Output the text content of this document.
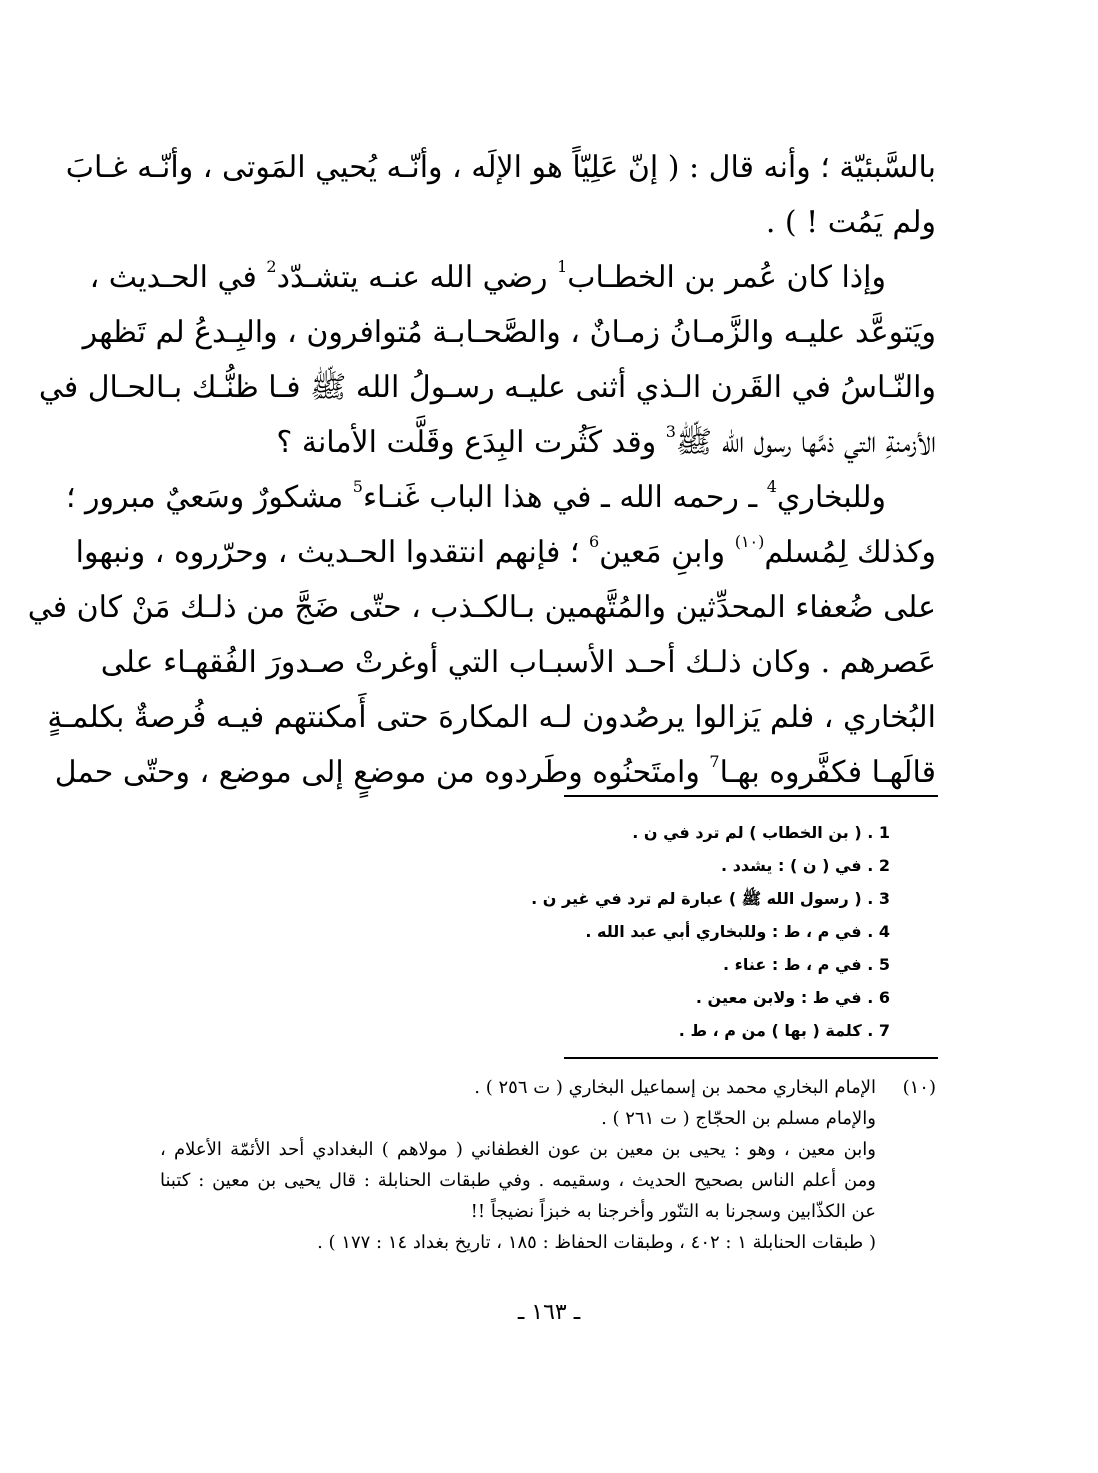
بالسَّبئيّة ؛ وأنه قال : ( إنّ عَلِيّاً هو الإلَه ، وأنّـه يُحيي المَوتى ، وأنّـه غـابَ
ولم يَمُت ! ) .
وإذا كان عُمر بن الخطـاب$^1$ رضي الله عنـه يتشـدّد$^2$ في الحـديث ،
ويَتوعَّد عليـه والزَّمـانُ زمـانٌ ، والصَّحـابـة مُتوافرون ، والبِـدعُ لم تَظهر
والنّـاسُ في القَرن الـذي أثنى عليـه رسـولُ الله ﷺ فـا ظنُّـك بـالحـال في
الأزمنةِ التي ذمَّها رسول الله ﷺ$^3$ وقد كَثُرت البِدَع وقَلَّت الأمانة ؟
وللبخاري$^4$ ـ رحمه الله ـ في هذا الباب غَنـاء$^5$ مشكورٌ وسَعيٌ مبرور ؛
وكذلك لِمُسلم$^{(١٠)}$ وابنِ مَعين$^6$ ؛ فإنهم انتقدوا الحـديث ، وحرّروه ، ونبهوا
على ضُعفاء المحدِّثين والمُتَّهمين بـالكـذب ، حتّى ضَجَّ من ذلـك مَنْ كان في
عَصرهم . وكان ذلـك أحـد الأسبـاب التي أوغرتْ صـدورَ الفُقهـاء على
البُخاري ، فلم يَزالوا يرصُدون لـه المكارهَ حتى أَمكنتهم فيـه فُرصةٌ بكلمـةٍ
قالَهـا فكفَّروه بهـا$^7$ وامتَحنُوه وطَردوه من موضعٍ إلى موضع ، وحتّى حمل
1 . ( بن الخطاب ) لم ترد في ن .
2 . في ( ن ) : يشدد .
3 . ( رسول الله ﷺ ) عبارة لم ترد في غير ن .
4 . في م ، ط : وللبخاري أبي عبد الله .
5 . في م ، ط : عناء .
6 . في ط : ولابن معين .
7 . كلمة ( بها ) من م ، ط .
(١٠)الإمام البخاري محمد بن إسماعيل البخاري ( ت ٢٥٦ ) .
والإمام مسلم بن الحجّاج ( ت ٢٦١ ) .
وابن معين ، وهو : يحيى بن معين بن عون الغطفاني ( مولاهم ) البغدادي أحد الأئمّة الأعلام ،
ومن أعلم الناس بصحيح الحديث ، وسقيمه . وفي طبقات الحنابلة : قال يحيى بن معين : كتبنا
عن الكذّابين وسجرنا به التنّور وأخرجنا به خبزاً نضيجاً !!
( طبقات الحنابلة ١ : ٤٠٢ ، وطبقات الحفاظ : ١٨٥ ، تاريخ بغداد ١٤ : ١٧٧ ) .
ـ ١٦٣ ـ
